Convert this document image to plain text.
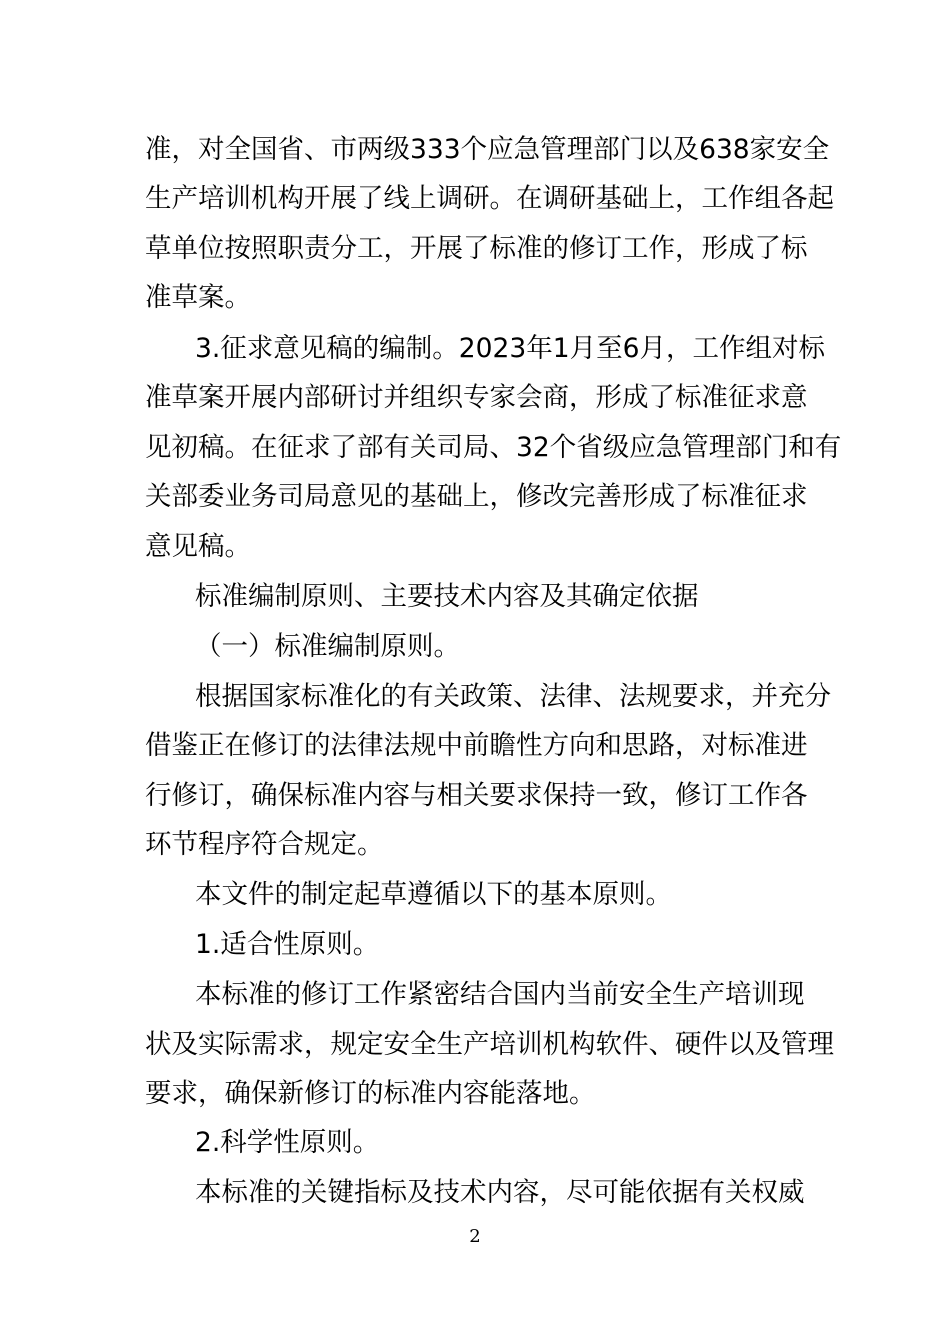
准，对全国省、市两级333个应急管理部门以及638家安全
生产培训机构开展了线上调研。在调研基础上，工作组各起
草单位按照职责分工，开展了标准的修订工作，形成了标
准草案。
3.征求意见稿的编制。2023年1月至6月，工作组对标
准草案开展内部研讨并组织专家会商，形成了标准征求意
见初稿。在征求了部有关司局、32个省级应急管理部门和有
关部委业务司局意见的基础上，修改完善形成了标准征求
意见稿。
标准编制原则、主要技术内容及其确定依据
（一）标准编制原则。
根据国家标准化的有关政策、法律、法规要求，并充分
借鉴正在修订的法律法规中前瞻性方向和思路，对标准进
行修订，确保标准内容与相关要求保持一致，修订工作各
环节程序符合规定。
本文件的制定起草遵循以下的基本原则。
1.适合性原则。
本标准的修订工作紧密结合国内当前安全生产培训现
状及实际需求，规定安全生产培训机构软件、硬件以及管理
要求，确保新修订的标准内容能落地。
2.科学性原则。
本标准的关键指标及技术内容，尽可能依据有关权威
2
